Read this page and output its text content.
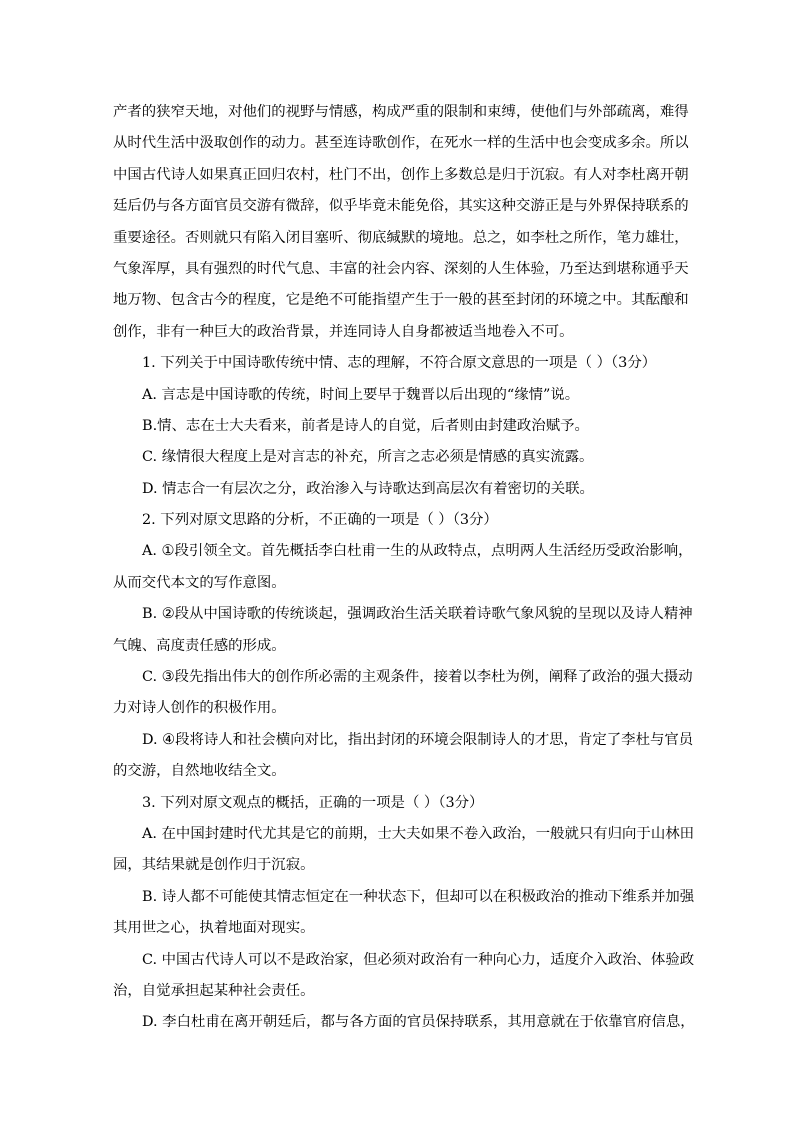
产者的狭窄天地，对他们的视野与情感，构成严重的限制和束缚，使他们与外部疏离，难得
从时代生活中汲取创作的动力。甚至连诗歌创作，在死水一样的生活中也会变成多余。所以
中国古代诗人如果真正回归农村，杜门不出，创作上多数总是归于沉寂。有人对李杜离开朝
廷后仍与各方面官员交游有微辞，似乎毕竟未能免俗，其实这种交游正是与外界保持联系的
重要途径。否则就只有陷入闭目塞听、彻底缄默的境地。总之，如李杜之所作，笔力雄壮，
气象浑厚，具有强烈的时代气息、丰富的社会内容、深刻的人生体验，乃至达到堪称通乎天
地万物、包含古今的程度，它是绝不可能指望产生于一般的甚至封闭的环境之中。其酝酿和
创作，非有一种巨大的政治背景，并连同诗人自身都被适当地卷入不可。
1. 下列关于中国诗歌传统中情、志的理解，不符合原文意思的一项是（ ）（3分）
A. 言志是中国诗歌的传统，时间上要早于魏晋以后出现的“缘情”说。
B.情、志在士大夫看来，前者是诗人的自觉，后者则由封建政治赋予。
C. 缘情很大程度上是对言志的补充，所言之志必须是情感的真实流露。
D. 情志合一有层次之分，政治渗入与诗歌达到高层次有着密切的关联。
2. 下列对原文思路的分析，不正确的一项是（ ）（3分）
A. ①段引领全文。首先概括李白杜甫一生的从政特点，点明两人生活经历受政治影响，
从而交代本文的写作意图。
B. ②段从中国诗歌的传统谈起，强调政治生活关联着诗歌气象风貌的呈现以及诗人精神
气魄、高度责任感的形成。
C. ③段先指出伟大的创作所必需的主观条件，接着以李杜为例，阐释了政治的强大摄动
力对诗人创作的积极作用。
D. ④段将诗人和社会横向对比，指出封闭的环境会限制诗人的才思，肯定了李杜与官员
的交游，自然地收结全文。
3. 下列对原文观点的概括，正确的一项是（ ）（3分）
A. 在中国封建时代尤其是它的前期，士大夫如果不卷入政治，一般就只有归向于山林田
园，其结果就是创作归于沉寂。
B. 诗人都不可能使其情志恒定在一种状态下，但却可以在积极政治的推动下维系并加强
其用世之心，执着地面对现实。
C. 中国古代诗人可以不是政治家，但必须对政治有一种向心力，适度介入政治、体验政
治，自觉承担起某种社会责任。
D. 李白杜甫在离开朝廷后，都与各方面的官员保持联系，其用意就在于依靠官府信息，
